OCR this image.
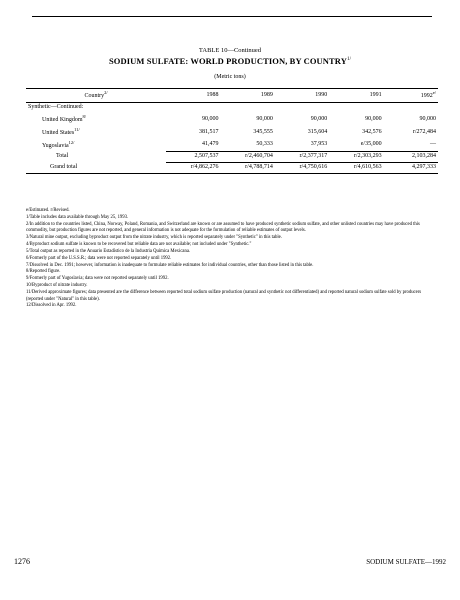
TABLE 10—Continued
SODIUM SULFATE: WORLD PRODUCTION, BY $COUNTRY^{1/}$
(Metric tons)
Country$^{2/}$	1988	1989	1990	1991	$1992^{e/}$
Synthetic—Continued:					
United Kingdom$^{8/}$	90,000	90,000	90,000	90,000	90,000
United States$^{11/}$	381,517	345,555	315,604	342,576	r/272,484
Yugoslavia$^{12/}$	41,479	50,333	37,953	e/35,000	—
Total	2,507,537	r/2,460,704	r/2,377,317	r/2,303,293	2,103,284
Grand total	r/4,862,276	r/4,788,714	r/4,750,616	r/4,610,563	4,297,333
e/Estimated. r/Revised.
1/Table includes data available through May 25, 1993.
2/In addition to the countries listed, China, Norway, Poland, Romania, and Switzerland are known or are assumed to have produced synthetic sodium sulfate, and other unlisted countries may have produced this commodity, but production figures are not reported, and general information is not adequate for the formulation of reliable estimates of output levels.
3/Natural mine output, excluding byproduct output from the nitrate industry, which is reported separately under "Synthetic" in this table.
4/Byproduct sodium sulfate is known to be recovered but reliable data are not available; not included under "Synthetic."
5/Total output as reported in the Anuario Estadístico de la Industria Química Mexicana.
6/Formerly part of the U.S.S.R.; data were not reported separately until 1992.
7/Dissolved in Dec. 1991; however, information is inadequate to formulate reliable estimates for individual countries, other than those listed in this table.
8/Reported figure.
9/Formerly part of Yugoslavia; data were not reported separately until 1992.
10/Byproduct of nitrate industry.
11/Derived approximate figures; data presented are the difference between reported total sodium sulfate production (natural and synthetic not differentiated) and reported natural sodium sulfate sold by producers (reported under "Natural" in this table).
12/Dissolved in Apr. 1992.
1276	SODIUM SULFATE—1992
